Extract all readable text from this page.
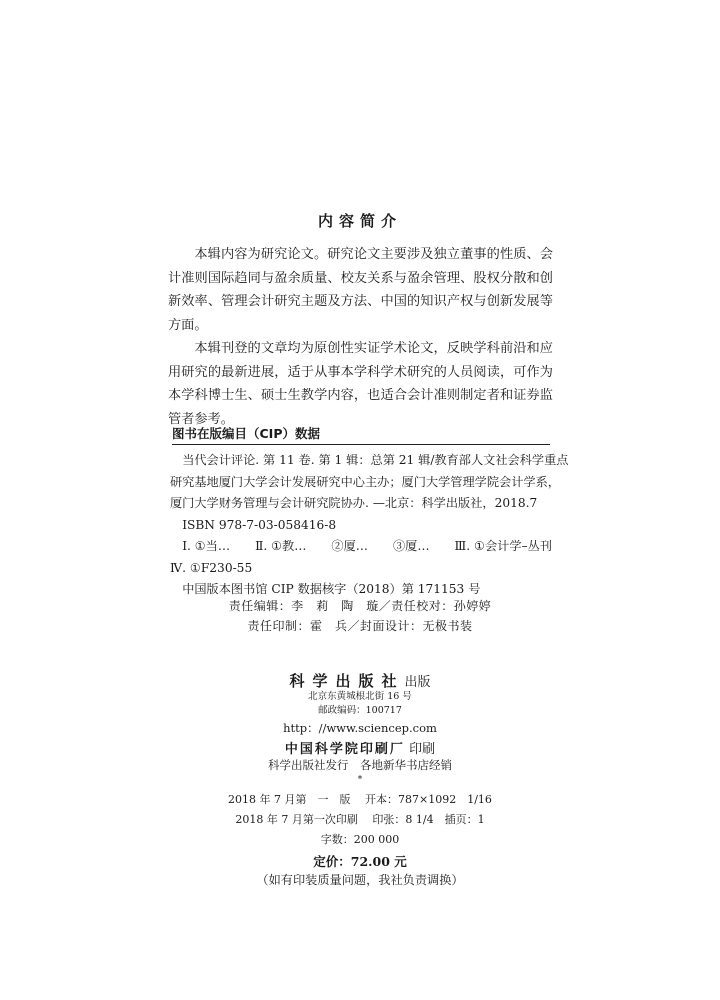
内容简介

本辑内容为研究论文。研究论文主要涉及独立董事的性质、会计准则国际趋同与盈余质量、校友关系与盈余管理、股权分散和创新效率、管理会计研究主题及方法、中国的知识产权与创新发展等方面。

本辑刊登的文章均为原创性实证学术论文，反映学科前沿和应用研究的最新进展，适于从事本学科学术研究的人员阅读，可作为本学科博士生、硕士生教学内容，也适合会计准则制定者和证券监管者参考。

图书在版编目（CIP）数据
当代会计评论. 第 11 卷. 第 1 辑：总第 21 辑/教育部人文社会科学重点
研究基地厦门大学会计发展研究中心主办；厦门大学管理学院会计学系，
厦门大学财务管理与会计研究院协办. —北京：科学出版社，2018.7
ISBN 978-7-03-058416-8
Ⅰ. ①当… Ⅱ. ①教… ②厦… ③厦… Ⅲ. ①会计学–丛刊
Ⅳ. ①F230-55
中国版本图书馆 CIP 数据核字（2018）第 171153 号
责任编辑：李　莉　陶　璇／责任校对：孙婷婷
责任印制：霍　兵／封面设计：无极书装
科学出版社出版
北京东黄城根北街 16 号
邮政编码：100717
http：//www.sciencep.com
中国科学院印刷厂 印刷
科学出版社发行　各地新华书店经销
*
2018 年 7 月第　一　版　 开本：787×1092　1/16
2018 年 7 月第一次印刷　 印张：8 1/4　插页：1
字数：200 000
定价：72.00 元
（如有印装质量问题，我社负责调换）
